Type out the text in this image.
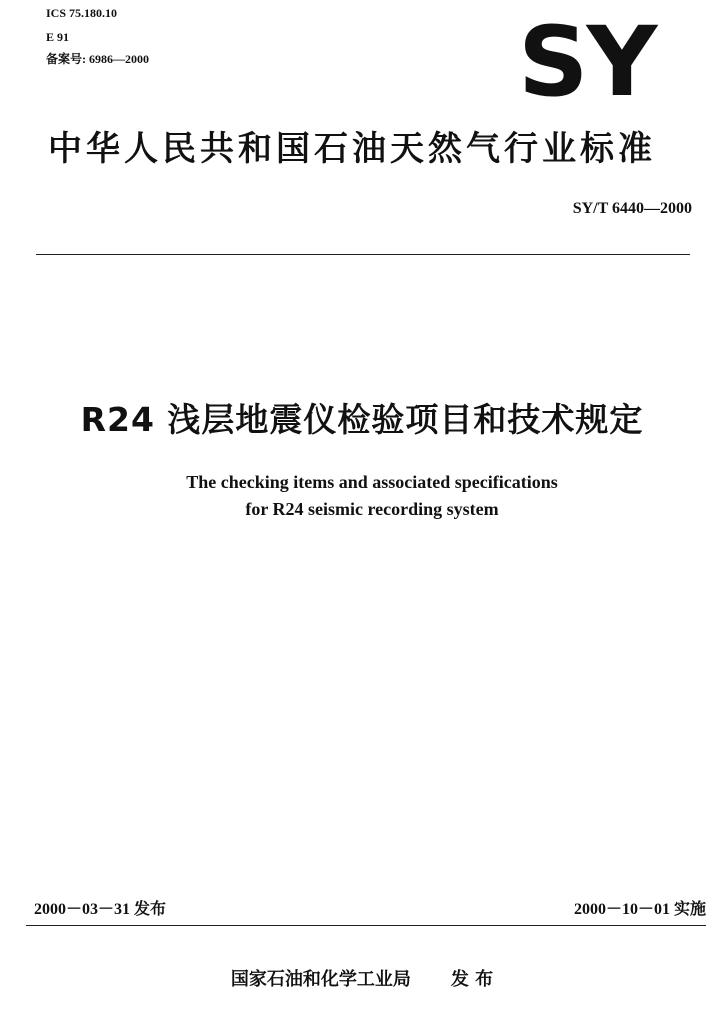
ICS 75.180.10
E 91
备案号: 6986—2000	SY
中华人民共和国石油天然气行业标准
SY/T 6440—2000
R24 浅层地震仪检验项目和技术规定
The checking items and associated specifications
for R24 seismic recording system
2000－03－31 发布	2000－10－01 实施
国家石油和化学工业局 发 布
